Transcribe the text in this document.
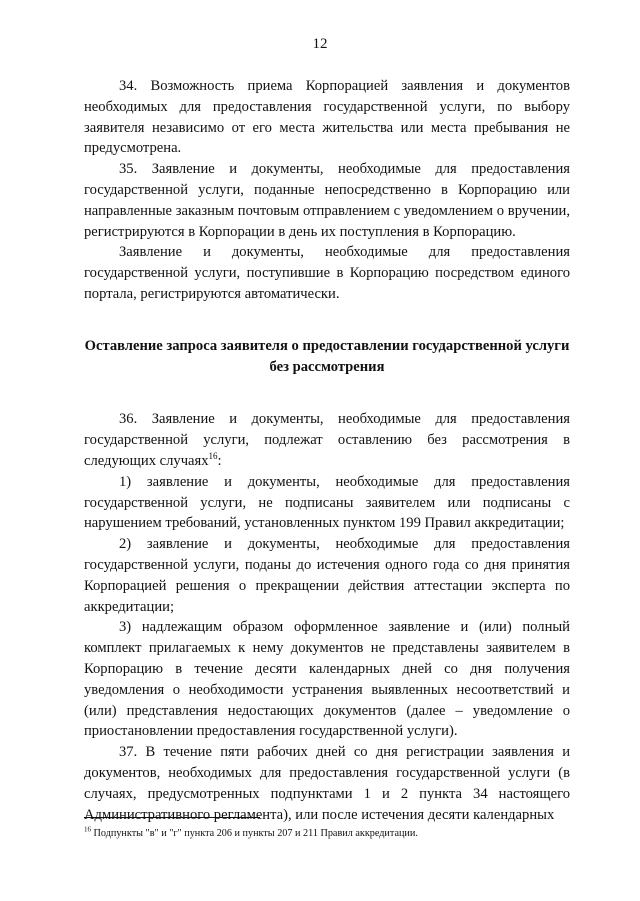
12

34. Возможность приема Корпорацией заявления и документов необходимых для предоставления государственной услуги, по выбору заявителя независимо от его места жительства или места пребывания не предусмотрена.

35. Заявление и документы, необходимые для предоставления государственной услуги, поданные непосредственно в Корпорацию или направленные заказным почтовым отправлением с уведомлением о вручении, регистрируются в Корпорации в день их поступления в Корпорацию.

Заявление и документы, необходимые для предоставления государственной услуги, поступившие в Корпорацию посредством единого портала, регистрируются автоматически.

Оставление запроса заявителя о предоставлении государственной услуги без рассмотрения

36. Заявление и документы, необходимые для предоставления государственной услуги, подлежат оставлению без рассмотрения в следующих случаях$^{16}$:

1) заявление и документы, необходимые для предоставления государственной услуги, не подписаны заявителем или подписаны с нарушением требований, установленных пунктом 199 Правил аккредитации;

2) заявление и документы, необходимые для предоставления государственной услуги, поданы до истечения одного года со дня принятия Корпорацией решения о прекращении действия аттестации эксперта по аккредитации;

3) надлежащим образом оформленное заявление и (или) полный комплект прилагаемых к нему документов не представлены заявителем в Корпорацию в течение десяти календарных дней со дня получения уведомления о необходимости устранения выявленных несоответствий и (или) представления недостающих документов (далее – уведомление о приостановлении предоставления государственной услуги).

37. В течение пяти рабочих дней со дня регистрации заявления и документов, необходимых для предоставления государственной услуги (в случаях, предусмотренных подпунктами 1 и 2 пункта 34 настоящего Административного регламента), или после истечения десяти календарных

$^{16}$ Подпункты "в" и "г" пункта 206 и пункты 207 и 211 Правил аккредитации.
